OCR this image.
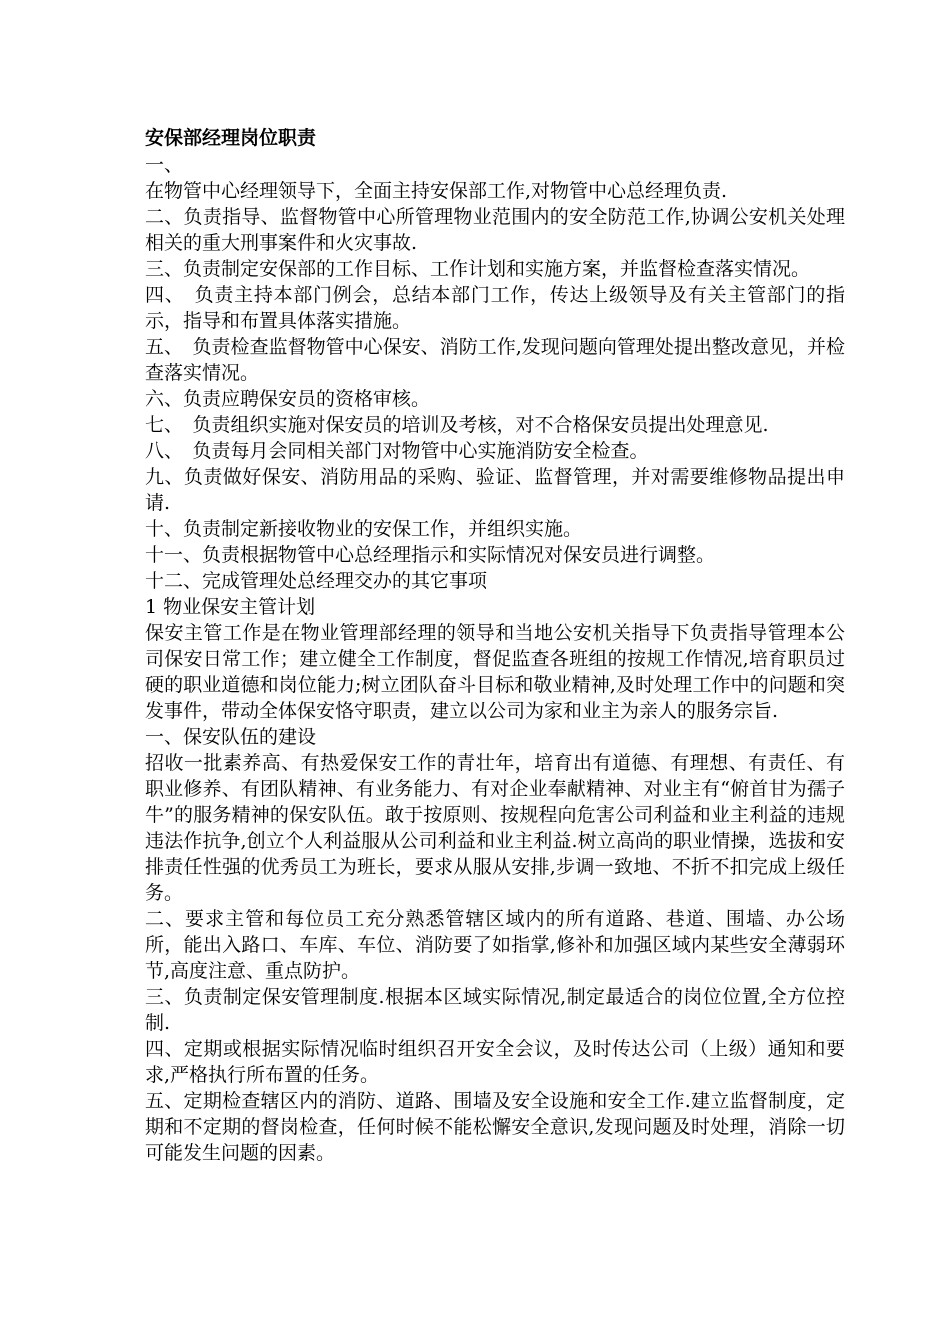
安保部经理岗位职责

一、

在物管中心经理领导下，全面主持安保部工作,对物管中心总经理负责.

二、负责指导、监督物管中心所管理物业范围内的安全防范工作,协调公安机关处理相关的重大刑事案件和火灾事故.

三、负责制定安保部的工作目标、工作计划和实施方案，并监督检查落实情况。

四、　负责主持本部门例会，总结本部门工作，传达上级领导及有关主管部门的指示，指导和布置具体落实措施。

五、　负责检查监督物管中心保安、消防工作,发现问题向管理处提出整改意见，并检查落实情况。

六、负责应聘保安员的资格审核。

七、　负责组织实施对保安员的培训及考核，对不合格保安员提出处理意见.

八、　负责每月会同相关部门对物管中心实施消防安全检查。

九、负责做好保安、消防用品的采购、验证、监督管理，并对需要维修物品提出申请.

十、负责制定新接收物业的安保工作，并组织实施。

十一、负责根据物管中心总经理指示和实际情况对保安员进行调整。

十二、完成管理处总经理交办的其它事项

1 物业保安主管计划

保安主管工作是在物业管理部经理的领导和当地公安机关指导下负责指导管理本公司保安日常工作；建立健全工作制度，督促监查各班组的按规工作情况,培育职员过硬的职业道德和岗位能力;树立团队奋斗目标和敬业精神,及时处理工作中的问题和突发事件，带动全体保安恪守职责，建立以公司为家和业主为亲人的服务宗旨.

一、保安队伍的建设

招收一批素养高、有热爱保安工作的青壮年，培育出有道德、有理想、有责任、有职业修养、有团队精神、有业务能力、有对企业奉献精神、对业主有“俯首甘为孺子牛”的服务精神的保安队伍。敢于按原则、按规程向危害公司利益和业主利益的违规违法作抗争,创立个人利益服从公司利益和业主利益.树立高尚的职业情操，选拔和安排责任性强的优秀员工为班长，要求从服从安排,步调一致地、不折不扣完成上级任务。

二、要求主管和每位员工充分熟悉管辖区域内的所有道路、巷道、围墙、办公场所，能出入路口、车库、车位、消防要了如指掌,修补和加强区域内某些安全薄弱环节,高度注意、重点防护。

三、负责制定保安管理制度.根据本区域实际情况,制定最适合的岗位位置,全方位控制.

四、定期或根据实际情况临时组织召开安全会议，及时传达公司（上级）通知和要求,严格执行所布置的任务。

五、定期检查辖区内的消防、道路、围墙及安全设施和安全工作.建立监督制度，定期和不定期的督岗检查，任何时候不能松懈安全意识,发现问题及时处理，消除一切可能发生问题的因素。
